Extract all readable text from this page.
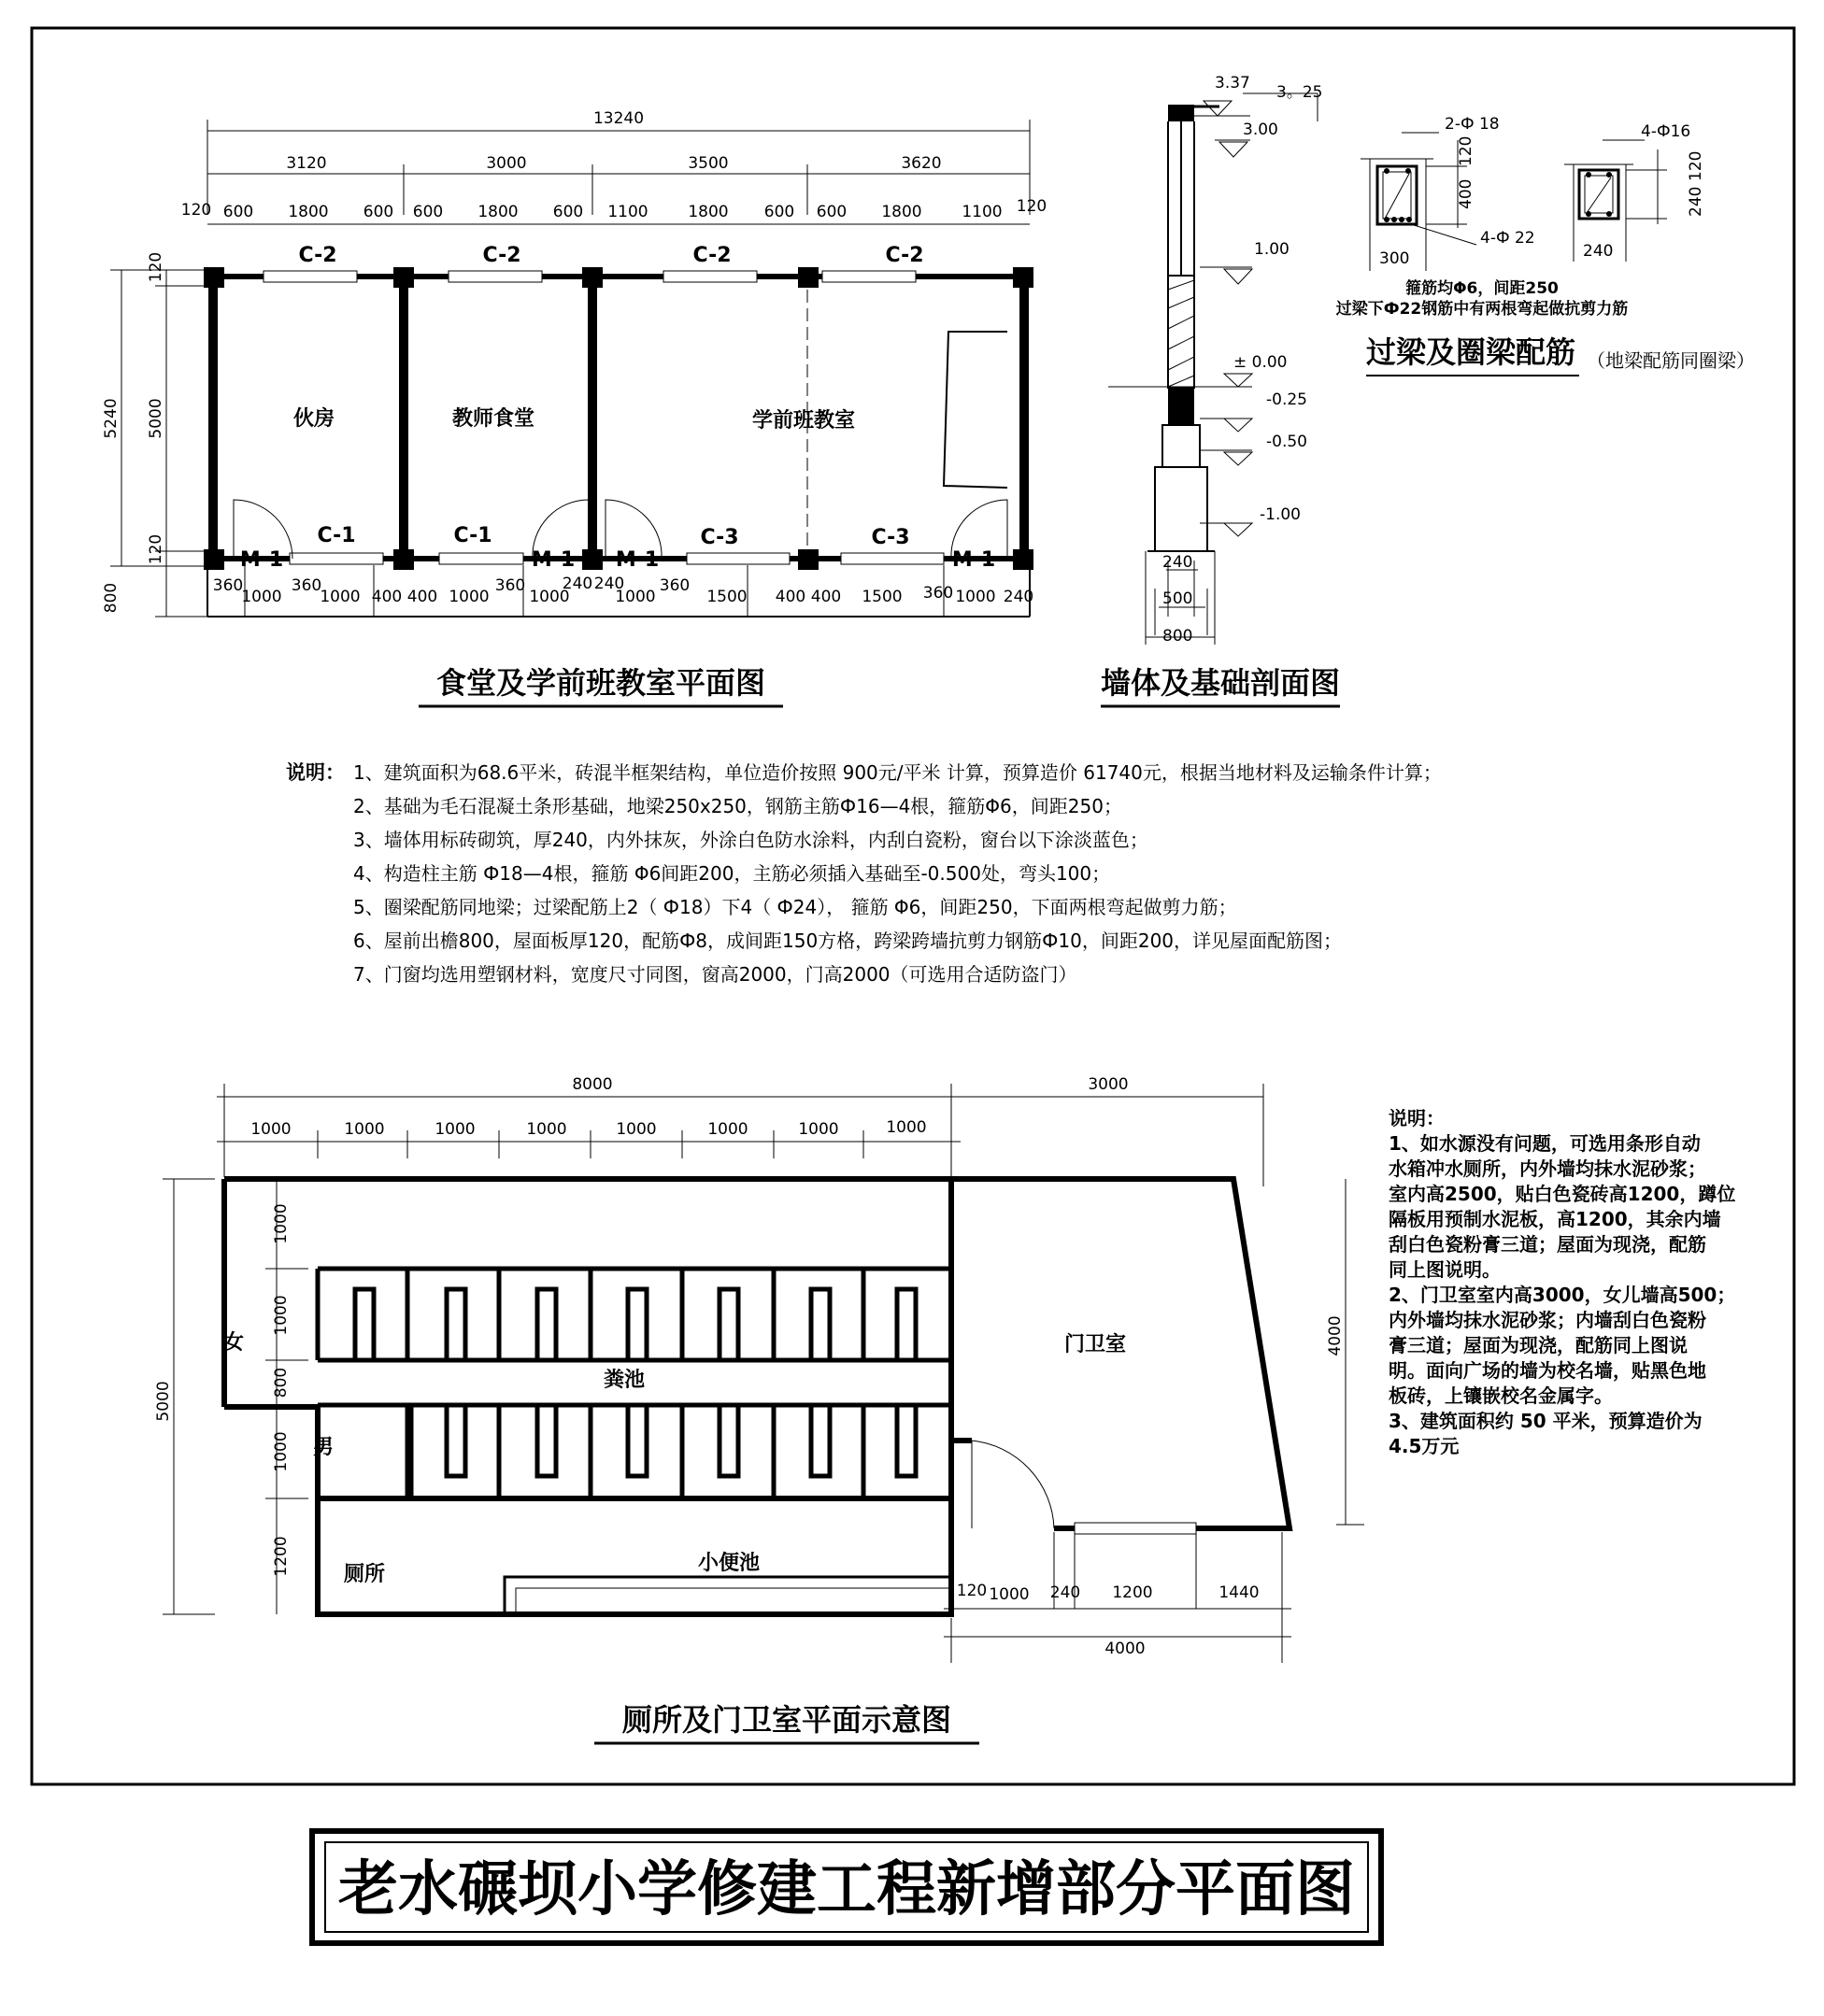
13240
3120	3000	3500	3620
120 600 1800 600 600 1800 600 1100	1800 600 600 1800	1100 120
5240
120
5000
120
800
C-2	C-2	C-2	C-2
C-1	C-1	C-3	C-3
M-1	M-1 M-1	M-1
360
1000
360
1000 400 400 1000
360
1000
240 240
1000
360
1500 400 400 1500 360 1000 240
伙房	教师食堂	学前班教室
食堂及学前班教室平面图
3.37 3。25
3.00
1.00
± 0.00
-0.25
-0.50
-1.00
240
500
800
墙体及基础剖面图
2-Ф 18	4-Ф16
120
400
120
240
4-Ф 22
300	240
箍筋均Φ6，间距250
过梁下Ф22钢筋中有两根弯起做抗剪力筋
过梁及圈梁配筋 （地梁配筋同圈梁）
说明： 1、建筑面积为68.6平米，砖混半框架结构，单位造价按照 900元/平米 计算，预算造价 61740元，根据当地材料及运输条件计算；
2、基础为毛石混凝土条形基础，地梁250x250，钢筋主筋Ф16—4根，箍筋Φ6，间距250；
3、墙体用标砖砌筑，厚240，内外抹灰，外涂白色防水涂料，内刮白瓷粉，窗台以下涂淡蓝色；
4、构造柱主筋 Ф18—4根，箍筋 Φ6间距200，主筋必须插入基础至-0.500处，弯头100；
5、圈梁配筋同地梁；过梁配筋上2（ Ф18）下4（ Ф24）， 箍筋 Φ6，间距250，下面两根弯起做剪力筋；
6、屋前出檐800，屋面板厚120，配筋Ф8，成间距150方格，跨梁跨墙抗剪力钢筋Ф10，间距200，详见屋面配筋图；
7、门窗均选用塑钢材料，宽度尺寸同图，窗高2000，门高2000（可选用合适防盗门）
8000	3000
1000	1000	1000	1000	1000	1000	1000	1000
5000
1000
1000
800
1000
1200
4000
120 1000 240 1200	1440
4000
女
男
粪池
厕所	小便池
门卫室
厕所及门卫室平面示意图
说明：
1、如水源没有问题，可选用条形自动
水箱冲水厕所，内外墙均抹水泥砂浆；
室内高2500，贴白色瓷砖高1200，蹲位
隔板用预制水泥板，高1200，其余内墙
刮白色瓷粉膏三道；屋面为现浇，配筋
同上图说明。
2、门卫室室内高3000，女儿墙高500；
内外墙均抹水泥砂浆；内墙刮白色瓷粉
膏三道；屋面为现浇，配筋同上图说
明。面向广场的墙为校名墙，贴黑色地
板砖，上镶嵌校名金属字。
3、建筑面积约 50 平米，预算造价为
4.5万元
老水碾坝小学修建工程新增部分平面图
